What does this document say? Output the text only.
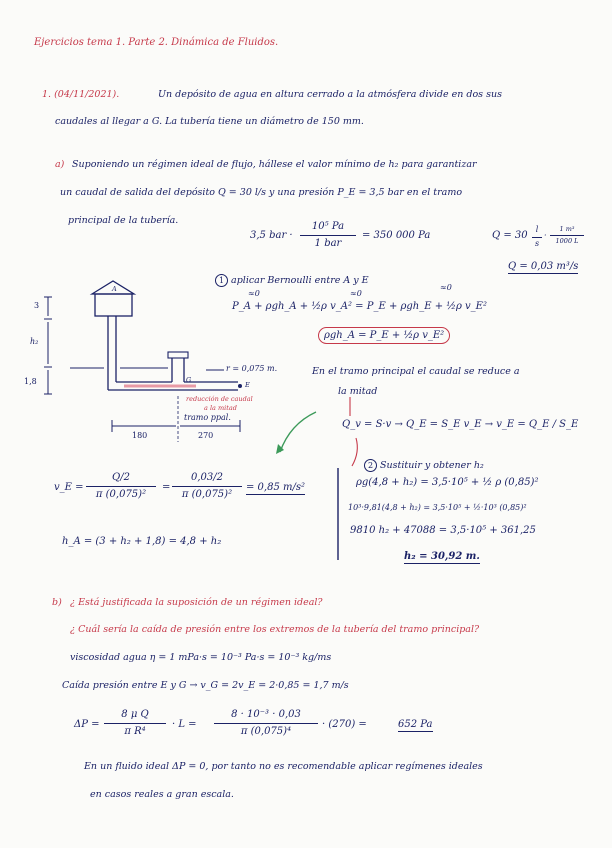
Ejercicios tema 1. Parte 2. Dinámica de Fluidos.
1. (04/11/2021).	Un depósito de agua en altura cerrado a la atmósfera divide en dos sus
caudales al llegar a G. La tubería tiene un diámetro de 150 mm.
a) Suponiendo un régimen ideal de flujo, hállese el valor mínimo de h₂ para garantizar
un caudal de salida del depósito Q = 30 l/s y una presión P_E = 3,5 bar en el tramo
principal de la tubería.
3,5 bar ·
10⁵ Pa
1 bar
= 350 000 Pa	Q = 30
l
s
·
1 m³
1000 L
Q = 0,03 m³/s
1 aplicar Bernoulli entre A y E
≈0	≈0
≈0
P_A + ρgh_A + ½ρ v_A² = P_E + ρgh_E + ½ρ v_E²
ρgh_A = P_E + ½ρ v_E²
En el tramo principal el caudal se reduce a
la mitad
Q_v = S·v → Q_E = S_E v_E → v_E = Q_E / S_E
2 Sustituir y obtener h₂
ρg(4,8 + h₂) = 3,5·10⁵ + ½ ρ (0,85)²
10³·9,81(4,8 + h₂) = 3,5·10⁵ + ½·10³ (0,85)²
9810 h₂ + 47088 = 3,5·10⁵ + 361,25
h₂ = 30,92 m.
v_E =
Q/2
π (0,075)²
=
0,03/2
π (0,075)²
= 0,85 m/s²
h_A = (3 + h₂ + 1,8) = 4,8 + h₂
3
h₂
1,8
A
G
E
r = 0,075 m.
reducción de caudal
a la mitad
tramo ppal.
180	270
b) ¿ Está justificada la suposición de un régimen ideal?
¿ Cuál sería la caída de presión entre los extremos de la tubería del tramo principal?
viscosidad agua η = 1 mPa·s = 10⁻³ Pa·s = 10⁻³ kg/ms
Caída presión entre E y G → v_G = 2v_E = 2·0,85 = 1,7 m/s
ΔP =
8 μ Q
π R⁴
· L =
8 · 10⁻³ · 0,03
π (0,075)⁴
· (270) =	652 Pa
En un fluido ideal ΔP = 0, por tanto no es recomendable aplicar regímenes ideales
en casos reales a gran escala.
